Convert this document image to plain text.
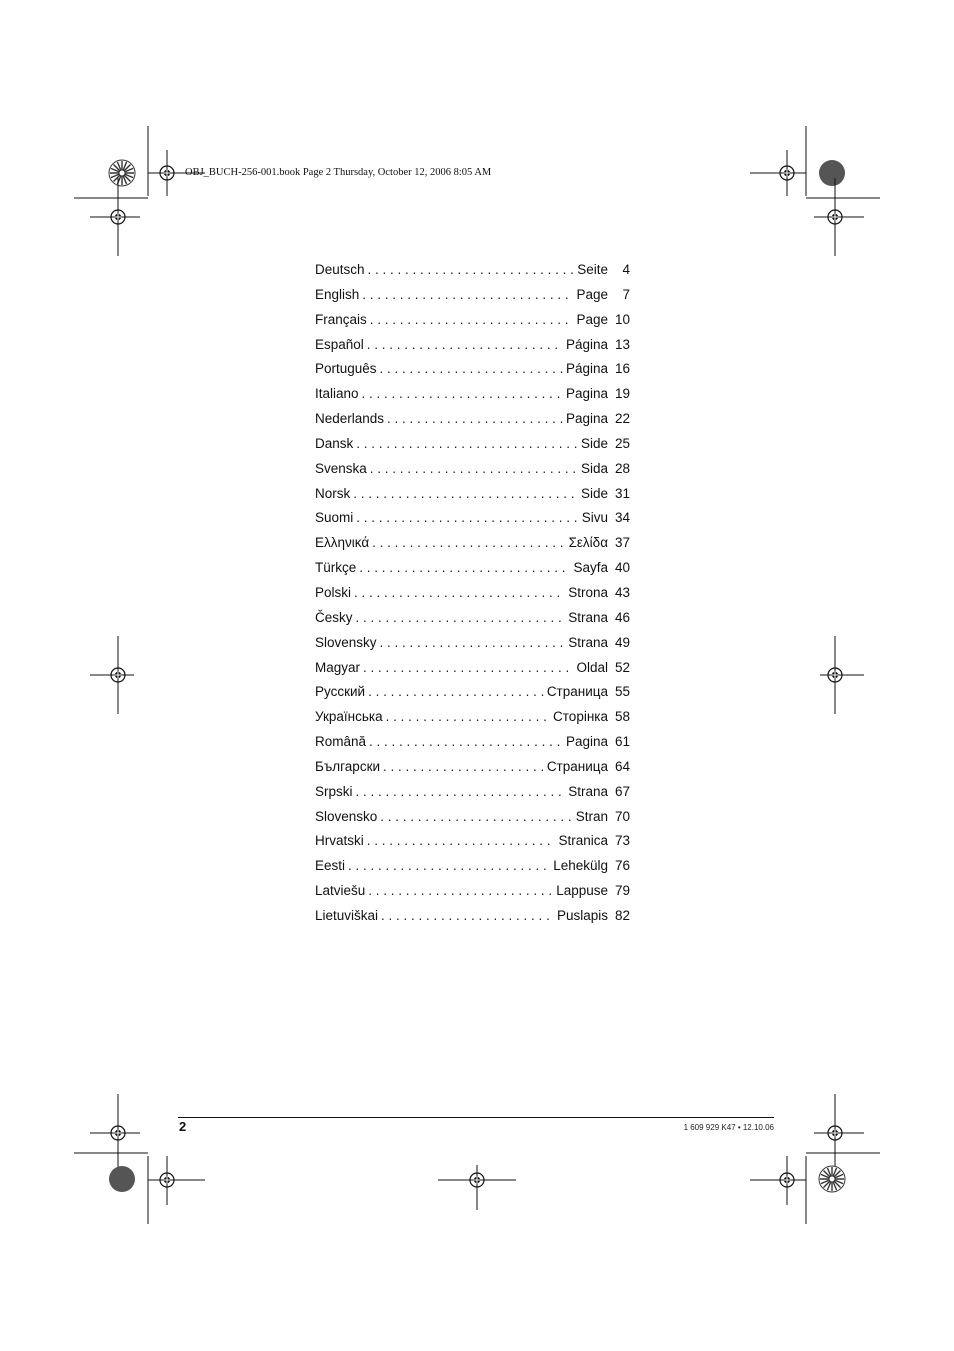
OBJ_BUCH-256-001.book Page 2 Thursday, October 12, 2006 8:05 AM
Deutsch . . .	Seite	4
English . . .	Page	7
Français . . .	Page 10
Español . . .	Página 13
Português . . .	Página 16
Italiano . . .	Pagina 19
Nederlands . . .	Pagina 22
Dansk . . .	Side 25
Svenska . . .	Sida 28
Norsk . . .	Side 31
Suomi . . .	Sivu 34
Ελληνικά . . .	Σελίδα 37
Türkçe . . .	Sayfa 40
Polski . . .	Strona 43
Česky . . .	Strana 46
Slovensky . . .	Strana 49
Magyar . . .	Oldal 52
Русский . . .	Страница 55
Українська . . .	Сторінка 58
Română . . .	Pagina 61
Български . . .	Страница 64
Srpski . . .	Strana 67
Slovensko . . .	Stran 70
Hrvatski . . .	Stranica 73
Eesti . . .	Lehekülg 76
Latviešu . . .	Lappuse 79
Lietuviškai . . .	Puslapis 82
2	1 609 929 K47 • 12.10.06
